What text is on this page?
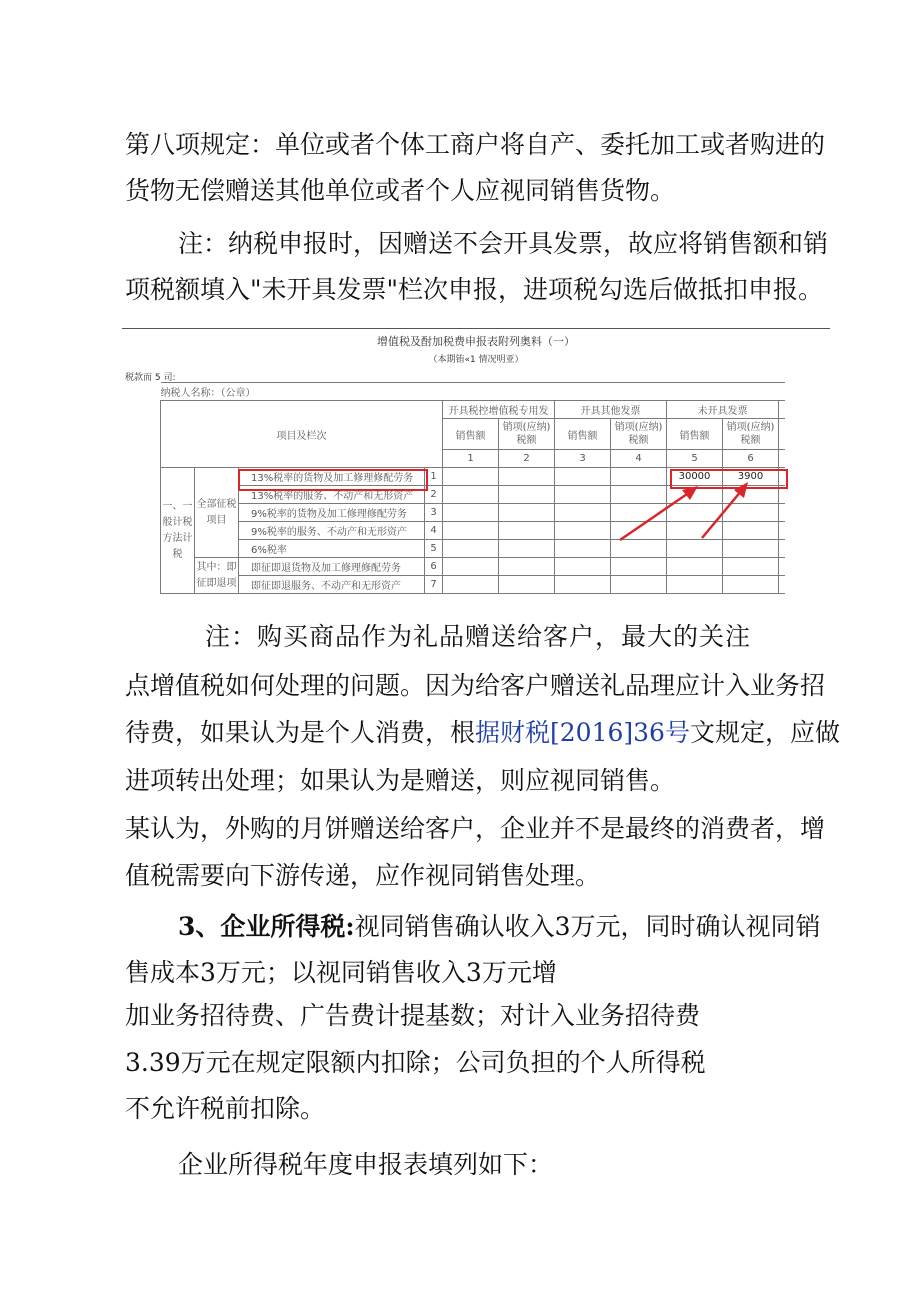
第八项规定：单位或者个体工商户将自产、委托加工或者购进的
货物无偿赠送其他单位或者个人应视同销售货物。
注：纳税申报时，因赠送不会开具发票，故应将销售额和销
项税额填入"未开具发票"栏次申报，进项税勾选后做抵扣申报。
增值税及酎加税费申报表附列奥料（一）
（本期铕«1 情况明亚）
税款而 5 司:
纳税人名称：（公章）										
项目及栏次				开具税控增值税专用发		开具其他发票		未开具发票		
				销售额	销项(应纳)税额	销售额	销项(应纳)税额	销售额	销项(应纳)税额	
				1	2	3	4	5	6	
一、一般计税方法计税	全部征税项目	13%税率的货物及加工修理修配劳务	1					30000	3900	
		13%税率的服务、不动产和无形资产	2							
		9%税率的货物及加工修理修配劳务	3							
		9%税率的服务、不动产和无形资产	4							
		6%税率	5							
	其中：即征即退项	即征即退货物及加工修理修配劳务	6							
		即征即退服务、不动产和无形资产	7							
注：购买商品作为礼品赠送给客户，最大的关注
点增值税如何处理的问题。因为给客户赠送礼品理应计入业务招
待费，如果认为是个人消费，根据财税[2016]36号文规定，应做
进项转出处理；如果认为是赠送，则应视同销售。
某认为，外购的月饼赠送给客户，企业并不是最终的消费者，增
值税需要向下游传递，应作视同销售处理。
3、企业所得税:视同销售确认收入3万元，同时确认视同销
售成本3万元；以视同销售收入3万元增
加业务招待费、广告费计提基数；对计入业务招待费
3.39万元在规定限额内扣除；公司负担的个人所得税
不允许税前扣除。
企业所得税年度申报表填列如下：
